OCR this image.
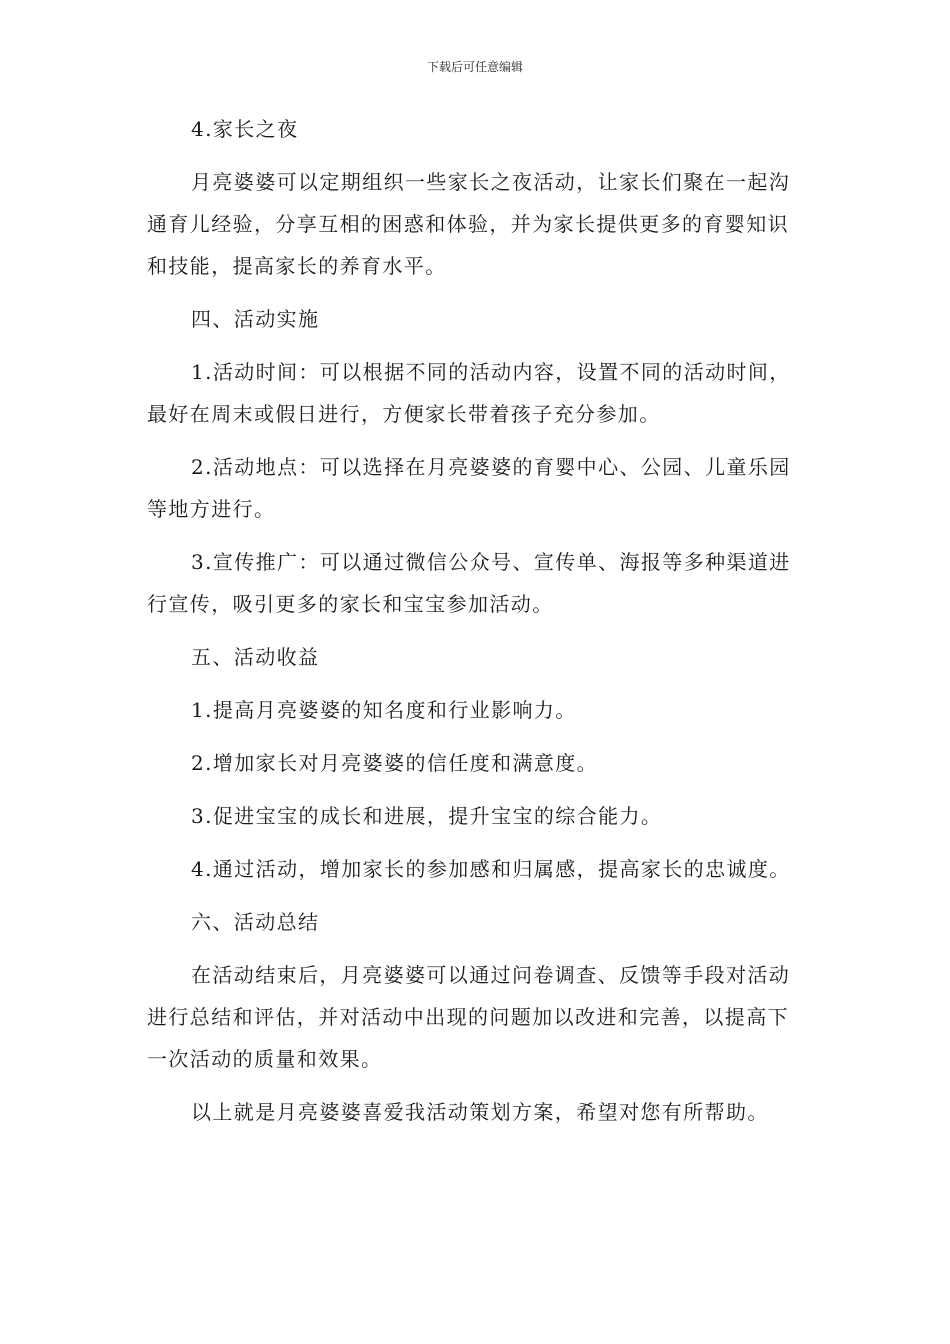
下载后可任意编辑

4.家长之夜

月亮婆婆可以定期组织一些家长之夜活动，让家长们聚在一起沟通育儿经验，分享互相的困惑和体验，并为家长提供更多的育婴知识和技能，提高家长的养育水平。

四、活动实施

1.活动时间：可以根据不同的活动内容，设置不同的活动时间，最好在周末或假日进行，方便家长带着孩子充分参加。

2.活动地点：可以选择在月亮婆婆的育婴中心、公园、儿童乐园等地方进行。

3.宣传推广：可以通过微信公众号、宣传单、海报等多种渠道进行宣传，吸引更多的家长和宝宝参加活动。

五、活动收益

1.提高月亮婆婆的知名度和行业影响力。

2.增加家长对月亮婆婆的信任度和满意度。

3.促进宝宝的成长和进展，提升宝宝的综合能力。

4.通过活动，增加家长的参加感和归属感，提高家长的忠诚度。

六、活动总结

在活动结束后，月亮婆婆可以通过问卷调查、反馈等手段对活动进行总结和评估，并对活动中出现的问题加以改进和完善，以提高下一次活动的质量和效果。

以上就是月亮婆婆喜爱我活动策划方案，希望对您有所帮助。
